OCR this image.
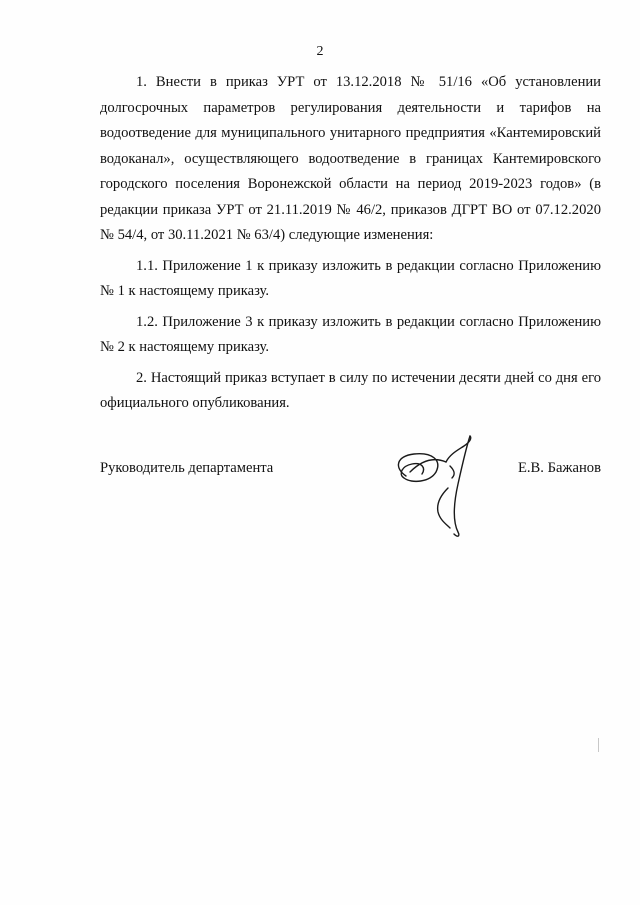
2

1. Внести в приказ УРТ от 13.12.2018 № 51/16 «Об установлении долгосрочных параметров регулирования деятельности и тарифов на водоотведение для муниципального унитарного предприятия «Кантемировский водоканал», осуществляющего водоотведение в границах Кантемировского городского поселения Воронежской области на период 2019-2023 годов» (в редакции приказа УРТ от 21.11.2019 № 46/2, приказов ДГРТ ВО от 07.12.2020 № 54/4, от 30.11.2021 № 63/4) следующие изменения:

1.1. Приложение 1 к приказу изложить в редакции согласно Приложению № 1 к настоящему приказу.

1.2. Приложение 3 к приказу изложить в редакции согласно Приложению № 2 к настоящему приказу.

2. Настоящий приказ вступает в силу по истечении десяти дней со дня его официального опубликования.

Руководитель департамента	Е.В. Бажанов
